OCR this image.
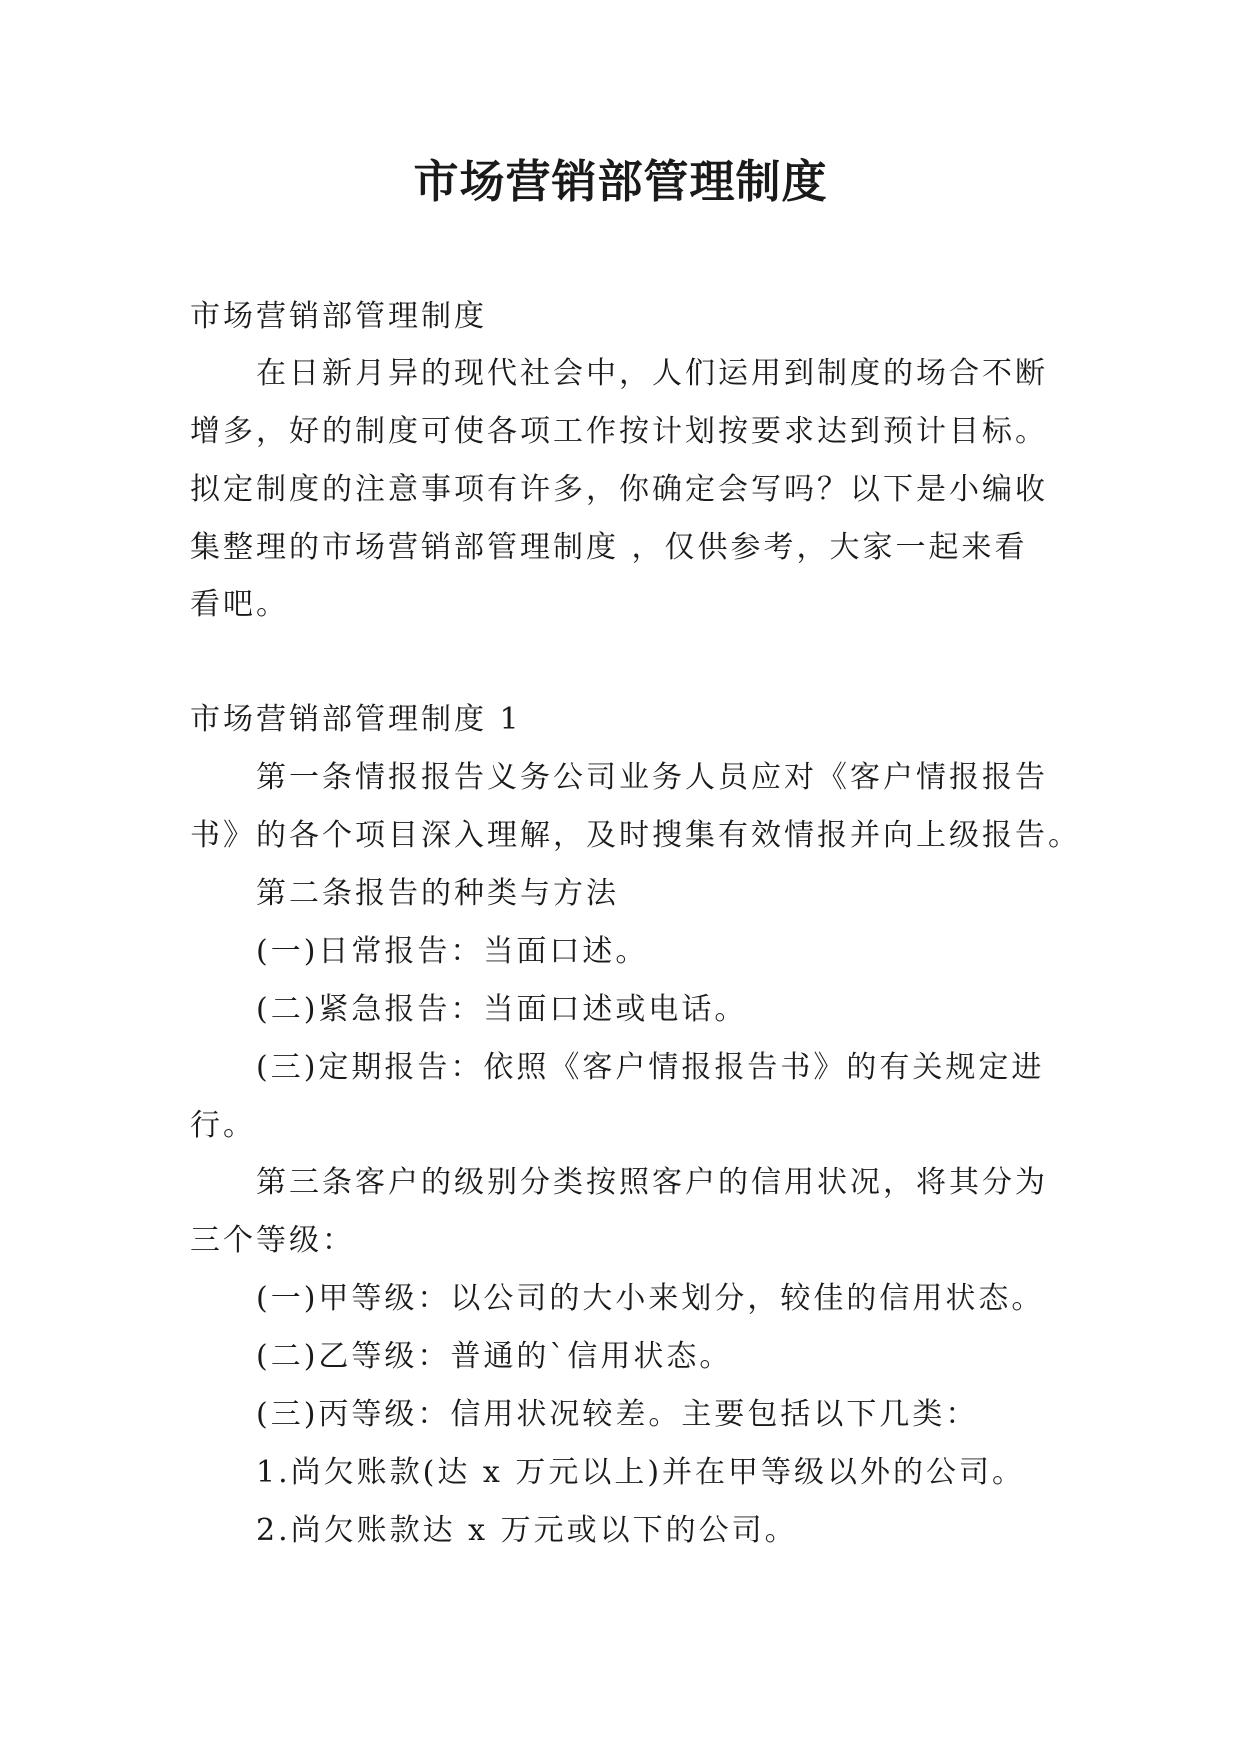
市场营销部管理制度

市场营销部管理制度

在日新月异的现代社会中，人们运用到制度的场合不断

增多，好的制度可使各项工作按计划按要求达到预计目标。

拟定制度的注意事项有许多，你确定会写吗？以下是小编收

集整理的市场营销部管理制度 ，仅供参考，大家一起来看

看吧。

市场营销部管理制度 1

第一条情报报告义务公司业务人员应对《客户情报报告

书》的各个项目深入理解，及时搜集有效情报并向上级报告。

第二条报告的种类与方法

(一)日常报告：当面口述。

(二)紧急报告：当面口述或电话。

(三)定期报告：依照《客户情报报告书》的有关规定进

行。

第三条客户的级别分类按照客户的信用状况，将其分为

三个等级：

(一)甲等级：以公司的大小来划分，较佳的信用状态。

(二)乙等级：普通的`信用状态。

(三)丙等级：信用状况较差。主要包括以下几类：

1.尚欠账款(达 x 万元以上)并在甲等级以外的公司。

2.尚欠账款达 x 万元或以下的公司。
